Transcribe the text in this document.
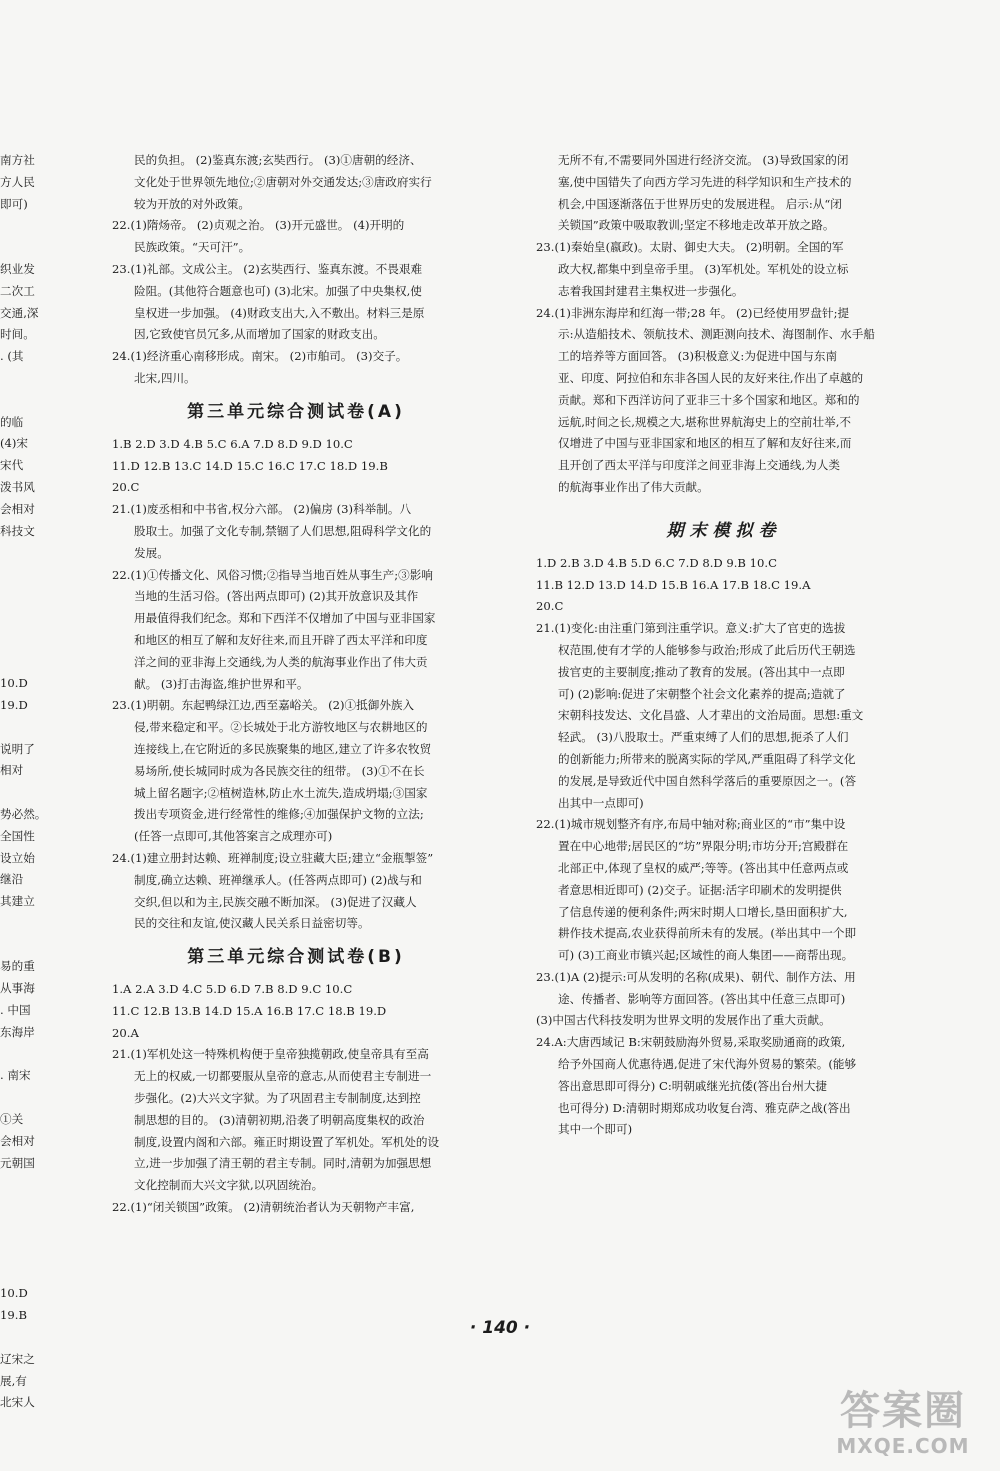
南方社

方人民

即可)

织业发

二次工

交通,深

时间。

. (其

的临

(4)宋

宋代

泼书风

会相对

科技文

10.D

19.D

说明了

相对

势必然。

全国性

设立始

继沿

其建立

易的重

从事海

. 中国

东海岸

. 南宋

①关

会相对

元朝国

10.D

19.B

辽宋之

展,有

北宋人

民的负担。 (2)鉴真东渡;玄奘西行。 (3)①唐朝的经济、

文化处于世界领先地位;②唐朝对外交通发达;③唐政府实行

较为开放的对外政策。

22.(1)隋炀帝。 (2)贞观之治。 (3)开元盛世。 (4)开明的

民族政策。“天可汗”。

23.(1)礼部。文成公主。 (2)玄奘西行、鉴真东渡。不畏艰难

险阻。(其他符合题意也可) (3)北宋。加强了中央集权,使

皇权进一步加强。 (4)财政支出大,入不敷出。材料三是原

因,它致使官员冗多,从而增加了国家的财政支出。

24.(1)经济重心南移形成。南宋。 (2)市舶司。 (3)交子。

北宋,四川。

第三单元综合测试卷(A)

1.B 2.D 3.D 4.B 5.C 6.A 7.D 8.D 9.D 10.C

11.D 12.B 13.C 14.D 15.C 16.C 17.C 18.D 19.B

20.C

21.(1)废丞相和中书省,权分六部。 (2)偏房 (3)科举制。八

股取士。加强了文化专制,禁锢了人们思想,阻碍科学文化的

发展。

22.(1)①传播文化、风俗习惯;②指导当地百姓从事生产;③影响

当地的生活习俗。(答出两点即可) (2)其开放意识及其作

用最值得我们纪念。郑和下西洋不仅增加了中国与亚非国家

和地区的相互了解和友好往来,而且开辟了西太平洋和印度

洋之间的亚非海上交通线,为人类的航海事业作出了伟大贡

献。 (3)打击海盗,维护世界和平。

23.(1)明朝。东起鸭绿江边,西至嘉峪关。 (2)①抵御外族入

侵,带来稳定和平。②长城处于北方游牧地区与农耕地区的

连接线上,在它附近的多民族聚集的地区,建立了许多农牧贸

易场所,使长城同时成为各民族交往的纽带。 (3)①不在长

城上留名题字;②植树造林,防止水土流失,造成坍塌;③国家

拨出专项资金,进行经常性的维修;④加强保护文物的立法;

(任答一点即可,其他答案言之成理亦可)

24.(1)建立册封达赖、班禅制度;设立驻藏大臣;建立“金瓶掣签”

制度,确立达赖、班禅继承人。(任答两点即可) (2)战与和

交织,但以和为主,民族交融不断加深。 (3)促进了汉藏人

民的交往和友谊,使汉藏人民关系日益密切等。

第三单元综合测试卷(B)

1.A 2.A 3.D 4.C 5.D 6.D 7.B 8.D 9.C 10.C

11.C 12.B 13.B 14.D 15.A 16.B 17.C 18.B 19.D

20.A

21.(1)军机处这一特殊机构便于皇帝独揽朝政,使皇帝具有至高

无上的权威,一切都要服从皇帝的意志,从而使君主专制进一

步强化。(2)大兴文字狱。为了巩固君主专制制度,达到控

制思想的目的。 (3)清朝初期,沿袭了明朝高度集权的政治

制度,设置内阁和六部。雍正时期设置了军机处。军机处的设

立,进一步加强了清王朝的君主专制。同时,清朝为加强思想

文化控制而大兴文字狱,以巩固统治。

22.(1)“闭关锁国”政策。 (2)清朝统治者认为天朝物产丰富,

无所不有,不需要同外国进行经济交流。 (3)导致国家的闭

塞,使中国错失了向西方学习先进的科学知识和生产技术的

机会,中国逐渐落伍于世界历史的发展进程。 启示:从“闭

关锁国”政策中吸取教训;坚定不移地走改革开放之路。

23.(1)秦始皇(嬴政)。太尉、御史大夫。 (2)明朝。全国的军

政大权,都集中到皇帝手里。 (3)军机处。军机处的设立标

志着我国封建君主集权进一步强化。

24.(1)非洲东海岸和红海一带;28 年。 (2)已经使用罗盘针;提

示:从造船技术、领航技术、测距测向技术、海图制作、水手船

工的培养等方面回答。 (3)积极意义:为促进中国与东南

亚、印度、阿拉伯和东非各国人民的友好来往,作出了卓越的

贡献。郑和下西洋访问了亚非三十多个国家和地区。郑和的

远航,时间之长,规模之大,堪称世界航海史上的空前壮举,不

仅增进了中国与亚非国家和地区的相互了解和友好往来,而

且开创了西太平洋与印度洋之间亚非海上交通线,为人类

的航海事业作出了伟大贡献。

期末模拟卷

1.D 2.B 3.D 4.B 5.D 6.C 7.D 8.D 9.B 10.C

11.B 12.D 13.D 14.D 15.B 16.A 17.B 18.C 19.A

20.C

21.(1)变化:由注重门第到注重学识。意义:扩大了官吏的选拔

权范围,使有才学的人能够参与政治;形成了此后历代王朝选

拔官吏的主要制度;推动了教育的发展。(答出其中一点即

可) (2)影响:促进了宋朝整个社会文化素养的提高;造就了

宋朝科技发达、文化昌盛、人才辈出的文治局面。思想:重文

轻武。 (3)八股取士。严重束缚了人们的思想,扼杀了人们

的创新能力;所带来的脱离实际的学风,严重阻碍了科学文化

的发展,是导致近代中国自然科学落后的重要原因之一。(答

出其中一点即可)

22.(1)城市规划整齐有序,布局中轴对称;商业区的“市”集中设

置在中心地带;居民区的“坊”界限分明;市坊分开;宫殿群在

北部正中,体现了皇权的威严;等等。(答出其中任意两点或

者意思相近即可) (2)交子。证据:活字印刷术的发明提供

了信息传递的便利条件;两宋时期人口增长,垦田面积扩大,

耕作技术提高,农业获得前所未有的发展。(举出其中一个即

可) (3)工商业市镇兴起;区域性的商人集团——商帮出现。

23.(1)A (2)提示:可从发明的名称(成果)、朝代、制作方法、用

途、传播者、影响等方面回答。(答出其中任意三点即可)

(3)中国古代科技发明为世界文明的发展作出了重大贡献。

24.A:大唐西域记 B:宋朝鼓励海外贸易,采取奖励通商的政策,

给予外国商人优惠待遇,促进了宋代海外贸易的繁荣。(能够

答出意思即可得分) C:明朝戚继光抗倭(答出台州大捷

也可得分) D:清朝时期郑成功收复台湾、雅克萨之战(答出

其中一个即可)

· 140 ·
答案圈
MXQE.COM
